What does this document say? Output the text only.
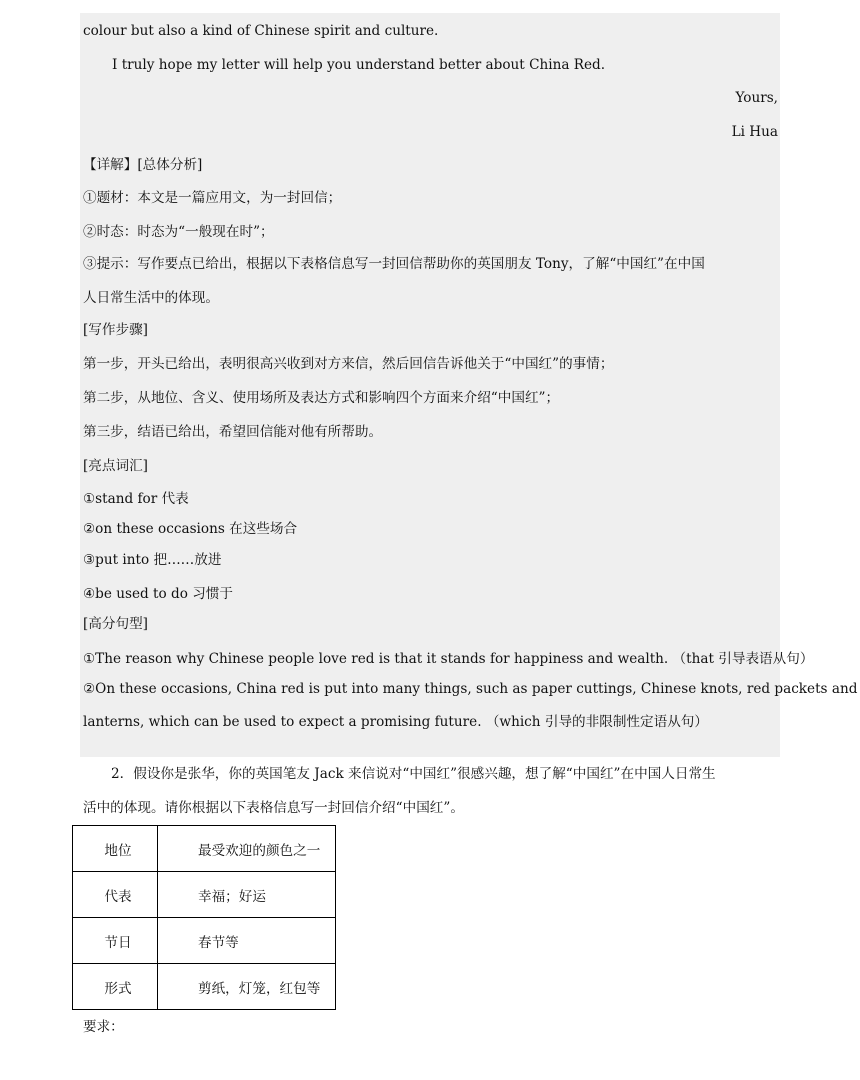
colour but also a kind of Chinese spirit and culture.
I truly hope my letter will help you understand better about China Red.
Yours,
Li Hua
【详解】[总体分析]
①题材：本文是一篇应用文，为一封回信；
②时态：时态为“一般现在时”；
③提示：写作要点已给出，根据以下表格信息写一封回信帮助你的英国朋友 Tony，了解“中国红”在中国
人日常生活中的体现。
[写作步骤]
第一步，开头已给出，表明很高兴收到对方来信，然后回信告诉他关于“中国红”的事情；
第二步，从地位、含义、使用场所及表达方式和影响四个方面来介绍“中国红”；
第三步，结语已给出，希望回信能对他有所帮助。
[亮点词汇]
①stand for 代表
②on these occasions 在这些场合
③put into 把……放进
④be used to do 习惯于
[高分句型]
①The reason why Chinese people love red is that it stands for happiness and wealth. （that 引导表语从句）
②On these occasions, China red is put into many things, such as paper cuttings, Chinese knots, red packets and
lanterns, which can be used to expect a promising future. （which 引导的非限制性定语从句）
2．假设你是张华，你的英国笔友 Jack 来信说对“中国红”很感兴趣，想了解“中国红”在中国人日常生
活中的体现。请你根据以下表格信息写一封回信介绍“中国红”。
地位	最受欢迎的颜色之一
代表	幸福；好运
节日	春节等
形式	剪纸，灯笼，红包等
要求：
